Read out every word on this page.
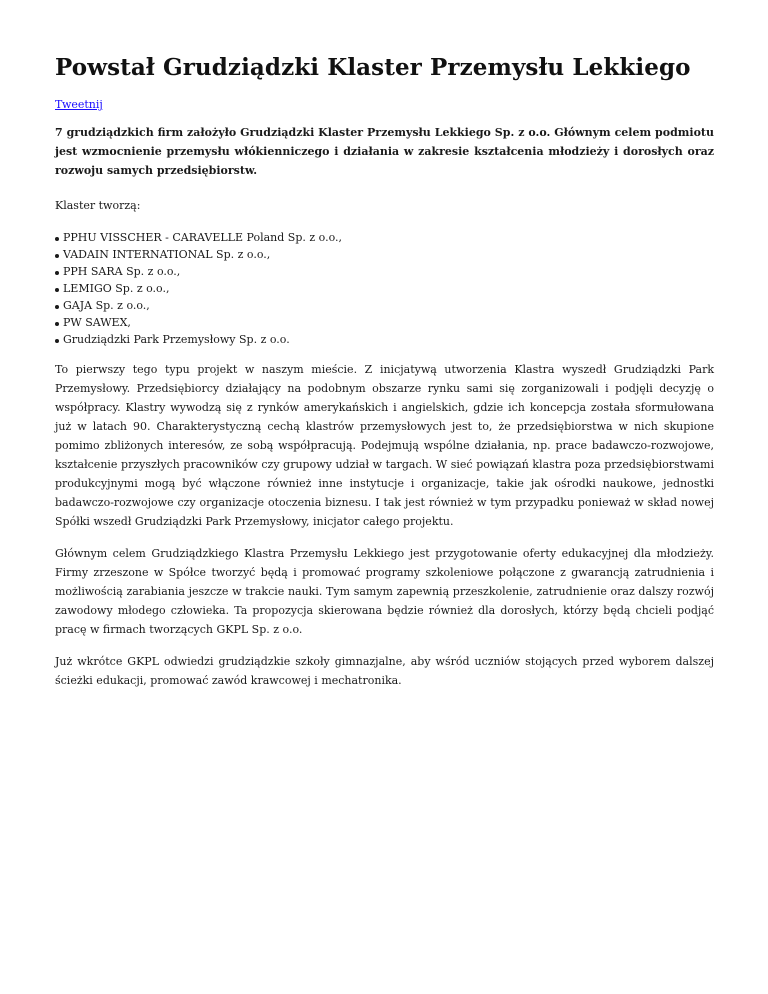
Powstał Grudziądzki Klaster Przemysłu Lekkiego
Tweetnij

7 grudziądzkich firm założyło Grudziądzki Klaster Przemysłu Lekkiego Sp. z o.o. Głównym celem podmiotu jest wzmocnienie przemysłu włókienniczego i działania w zakresie kształcenia młodzieży i dorosłych oraz rozwoju samych przedsiębiorstw.

Klaster tworzą:

PPHU VISSCHER - CARAVELLE Poland Sp. z o.o.,
VADAIN INTERNATIONAL Sp. z o.o.,
PPH SARA Sp. z o.o.,
LEMIGO Sp. z o.o.,
GAJA Sp. z o.o.,
PW SAWEX,
Grudziądzki Park Przemysłowy Sp. z o.o.

To pierwszy tego typu projekt w naszym mieście. Z inicjatywą utworzenia Klastra wyszedł Grudziądzki Park Przemysłowy. Przedsiębiorcy działający na podobnym obszarze rynku sami się zorganizowali i podjęli decyzję o współpracy. Klastry wywodzą się z rynków amerykańskich i angielskich, gdzie ich koncepcja została sformułowana już w latach 90. Charakterystyczną cechą klastrów przemysłowych jest to, że przedsiębiorstwa w nich skupione pomimo zbliżonych interesów, ze sobą współpracują. Podejmują wspólne działania, np. prace badawczo-rozwojowe, kształcenie przyszłych pracowników czy grupowy udział w targach. W sieć powiązań klastra poza przedsiębiorstwami produkcyjnymi mogą być włączone również inne instytucje i organizacje, takie jak ośrodki naukowe, jednostki badawczo-rozwojowe czy organizacje otoczenia biznesu. I tak jest również w tym przypadku ponieważ w skład nowej Spółki wszedł Grudziądzki Park Przemysłowy, inicjator całego projektu.

Głównym celem Grudziądzkiego Klastra Przemysłu Lekkiego jest przygotowanie oferty edukacyjnej dla młodzieży. Firmy zrzeszone w Spółce tworzyć będą i promować programy szkoleniowe połączone z gwarancją zatrudnienia i możliwością zarabiania jeszcze w trakcie nauki. Tym samym zapewnią przeszkolenie, zatrudnienie oraz dalszy rozwój zawodowy młodego człowieka. Ta propozycja skierowana będzie również dla dorosłych, którzy będą chcieli podjąć pracę w firmach tworzących GKPL Sp. z o.o.

Już wkrótce GKPL odwiedzi grudziądzkie szkoły gimnazjalne, aby wśród uczniów stojących przed wyborem dalszej ścieżki edukacji, promować zawód krawcowej i mechatronika.
